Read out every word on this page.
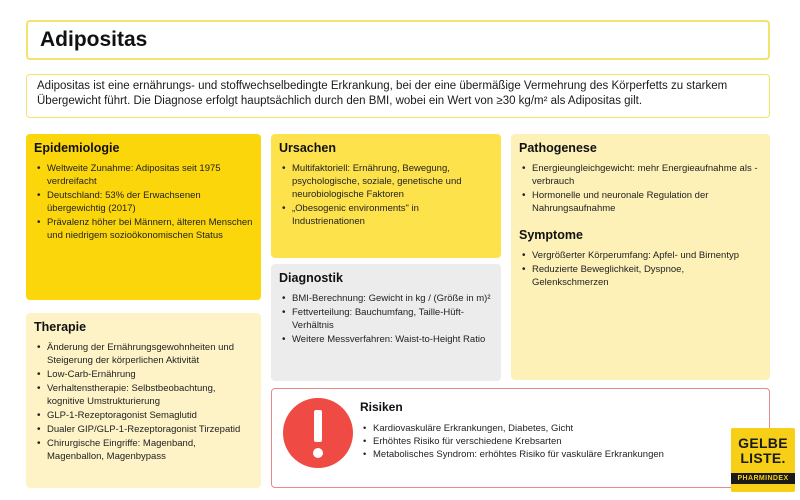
Adipositas
Adipositas ist eine ernährungs- und stoffwechselbedingte Erkrankung, bei der eine übermäßige Vermehrung des Körperfetts zu starkem Übergewicht führt. Die Diagnose erfolgt hauptsächlich durch den BMI, wobei ein Wert von ≥30 kg/m² als Adipositas gilt.
Epidemiologie
• Weltweite Zunahme: Adipositas seit 1975 verdreifacht
• Deutschland: 53% der Erwachsenen übergewichtig (2017)
• Prävalenz höher bei Männern, älteren Menschen und niedrigem sozioökonomischen Status
Therapie
• Änderung der Ernährungsgewohnheiten und Steigerung der körperlichen Aktivität
• Low-Carb-Ernährung
• Verhaltenstherapie: Selbstbeobachtung, kognitive Umstrukturierung
• GLP-1-Rezeptoragonist Semaglutid
• Dualer GIP/GLP-1-Rezeptoragonist Tirzepatid
• Chirurgische Eingriffe: Magenband, Magenballon, Magenbypass
Ursachen
• Multifaktoriell: Ernährung, Bewegung, psychologische, soziale, genetische und neurobiologische Faktoren
• „Obesogenic environments" in Industrienationen
Diagnostik
• BMI-Berechnung: Gewicht in kg / (Größe in m)²
• Fettverteilung: Bauchumfang, Taille-Hüft-Verhältnis
• Weitere Messverfahren: Waist-to-Height Ratio
Pathogenese
• Energieungleichgewicht: mehr Energieaufnahme als -verbrauch
• Hormonelle und neuronale Regulation der Nahrungsaufnahme
Symptome
• Vergrößerter Körperumfang: Apfel- und Birnentyp
• Reduzierte Beweglichkeit, Dyspnoe, Gelenkschmerzen
Risiken
• Kardiovaskuläre Erkrankungen, Diabetes, Gicht
• Erhöhtes Risiko für verschiedene Krebsarten
• Metabolisches Syndrom: erhöhtes Risiko für vaskuläre Erkrankungen
GELBE
LISTE.
PHARMINDEX
